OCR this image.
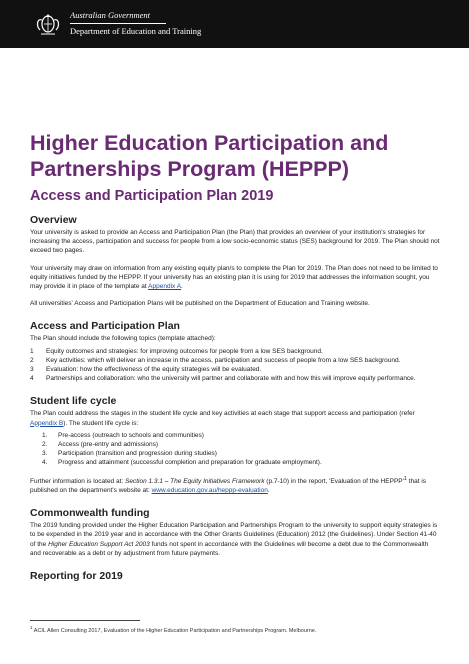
Australian Government
Department of Education and Training
Higher Education Participation and Partnerships Program (HEPPP)
Access and Participation Plan 2019
Overview

Your university is asked to provide an Access and Participation Plan (the Plan) that provides an overview of your institution's strategies for increasing the access, participation and success for people from a low socio-economic status (SES) background for 2019. The Plan should not exceed two pages.

Your university may draw on information from any existing equity plan/s to complete the Plan for 2019. The Plan does not need to be limited to equity initiatives funded by the HEPPP. If your university has an existing plan it is using for 2019 that addresses the information sought, you may provide it in place of the template at Appendix A.

All universities' Access and Participation Plans will be published on the Department of Education and Training website.

Access and Participation Plan

The Plan should include the following topics (template attached):

1 Equity outcomes and strategies: for improving outcomes for people from a low SES background.
2 Key activities: which will deliver an increase in the access, participation and success of people from a low SES background.
3 Evaluation: how the effectiveness of the equity strategies will be evaluated.
4 Partnerships and collaboration: who the university will partner and collaborate with and how this will improve equity performance.
Student life cycle

The Plan could address the stages in the student life cycle and key activities at each stage that support access and participation (refer Appendix B). The student life cycle is:

1. Pre-access (outreach to schools and communities)
2. Access (pre-entry and admissions)
3. Participation (transition and progression during studies)
4. Progress and attainment (successful completion and preparation for graduate employment).

Further information is located at: Section 1.3.1 – The Equity Initiatives Framework (p.7-10) in the report, 'Evaluation of the $HEPPP'^1$ that is published on the department's website at: www.education.gov.au/heppp-evaluation.

Commonwealth funding

The 2019 funding provided under the Higher Education Participation and Partnerships Program to the university to support equity strategies is to be expended in the 2019 year and in accordance with the Other Grants Guidelines (Education) 2012 (the Guidelines). Under Section 41-40 of the Higher Education Support Act 2003 funds not spent in accordance with the Guidelines will become a debt due to the Commonwealth and recoverable as a debt or by adjustment from future payments.

Reporting for 2019
$^1$ ACIL Allen Consulting 2017, Evaluation of the Higher Education Participation and Partnerships Program. Melbourne.
